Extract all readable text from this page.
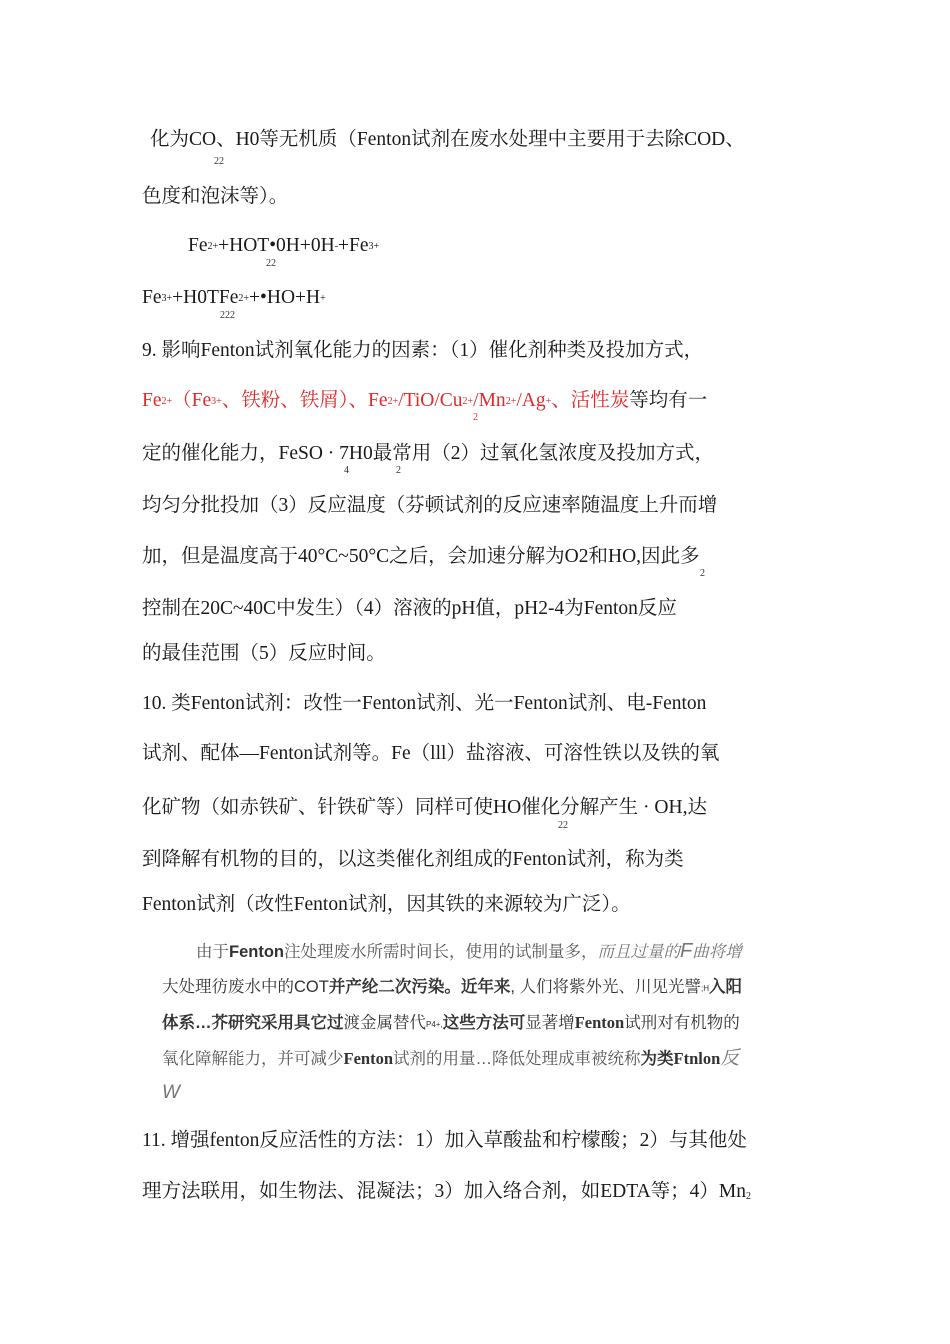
化为CO、H0等无机质（Fenton试剂在废水处理中主要用于去除COD、
22
色度和泡沫等）。
$Fe^{2+}+HOT•0H+0H^-+Fe^{3+}$
22
$Fe^{3+}+H0TFe^{2+}+•HO+H^+$
222
9. 影响Fenton试剂氧化能力的因素：（1）催化剂种类及投加方式，
$Fe^{2+}(Fe^{3+}$、铁粉、铁屑）、$Fe^{2+}/TiO/Cu^{2+}/Mn^{2+}/Ag^+$、活性炭等均有一
2
定的催化能力，FeSO · 7H0最常用（2）过氧化氢浓度及投加方式，
4	2
均匀分批投加（3）反应温度（芬顿试剂的反应速率随温度上升而增
加，但是温度高于40°C~50°C之后，会加速分解为O2和HO,因此多
2
控制在20C~40C中发生）（4）溶液的pH值，pH2-4为Fenton反应
的最佳范围（5）反应时间。
10. 类Fenton试剂：改性一Fenton试剂、光一Fenton试剂、电-Fenton
试剂、配体—Fenton试剂等。Fe（lll）盐溶液、可溶性铁以及铁的氧
化矿物（如赤铁矿、针铁矿等）同样可使HO催化分解产生 · OH,达
22
到降解有机物的目的，以这类催化剂组成的Fenton试剂，称为类
Fenton试剂（改性Fenton试剂，因其铁的来源较为广泛）。
由于Fenton注处理废水所需时间长，使用的试制量多，而且过量的F曲将增
大处理彷废水中的COT并产纶二次污染。近年来, 人们将紫外光、川见光譬;H入阳
体系…芥研究采用具它过渡金属替代P4+,这些方法可显著增Fenton试刑对有机物的
氧化障解能力，并可减少Fenton试剂的用量…降低处理成車被统称为类Ftnlon反
W
11. 增强fenton反应活性的方法：1）加入草酸盐和柠檬酸；2）与其他处
理方法联用，如生物法、混凝法；3）加入络合剂，如EDTA等；4）Mn2
